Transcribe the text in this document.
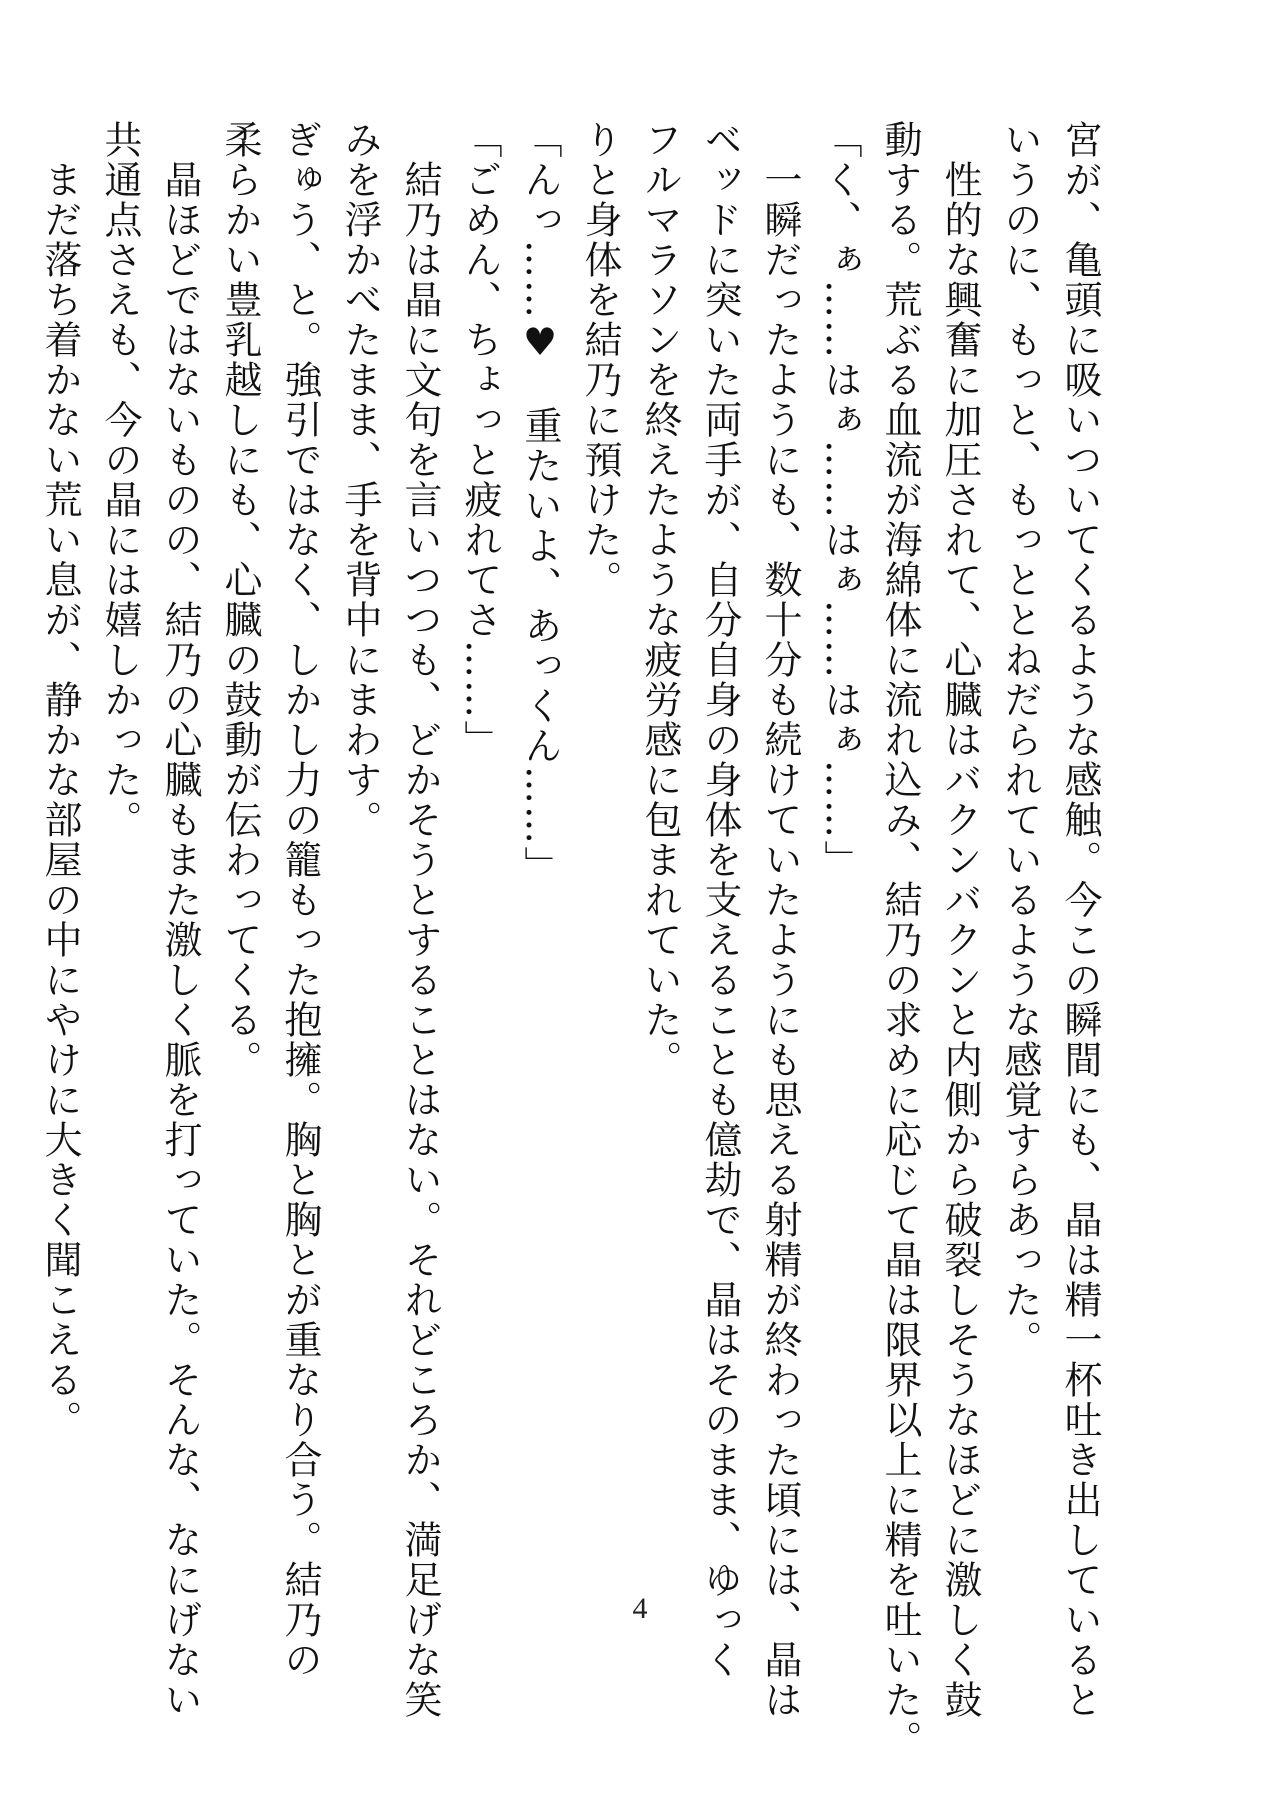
宮が、亀頭に吸いついてくるような感触。今この瞬間にも、晶は精一杯吐き出していると
いうのに、もっと、もっととねだられているような感覚すらあった。
　性的な興奮に加圧されて、心臓はバクンバクンと内側から破裂しそうなほどに激しく鼓
動する。荒ぶる血流が海綿体に流れ込み、結乃の求めに応じて晶は限界以上に精を吐いた。
「く、ぁ……はぁ……はぁ……はぁ……」
　一瞬だったようにも、数十分も続けていたようにも思える射精が終わった頃には、晶は
ベッドに突いた両手が、自分自身の身体を支えることも億劫で、晶はそのまま、ゆっく
フルマラソンを終えたような疲労感に包まれていた。
りと身体を結乃に預けた。
「んっ……♥　重たいよ、あっくん……」
「ごめん、ちょっと疲れてさ……」
　結乃は晶に文句を言いつつも、どかそうとすることはない。それどころか、満足げな笑
みを浮かべたまま、手を背中にまわす。
ぎゅう、と。強引ではなく、しかし力の籠もった抱擁。胸と胸とが重なり合う。結乃の
柔らかい豊乳越しにも、心臓の鼓動が伝わってくる。
　晶ほどではないものの、結乃の心臓もまた激しく脈を打っていた。そんな、なにげない
共通点さえも、今の晶には嬉しかった。
　まだ落ち着かない荒い息が、静かな部屋の中にやけに大きく聞こえる。
4
